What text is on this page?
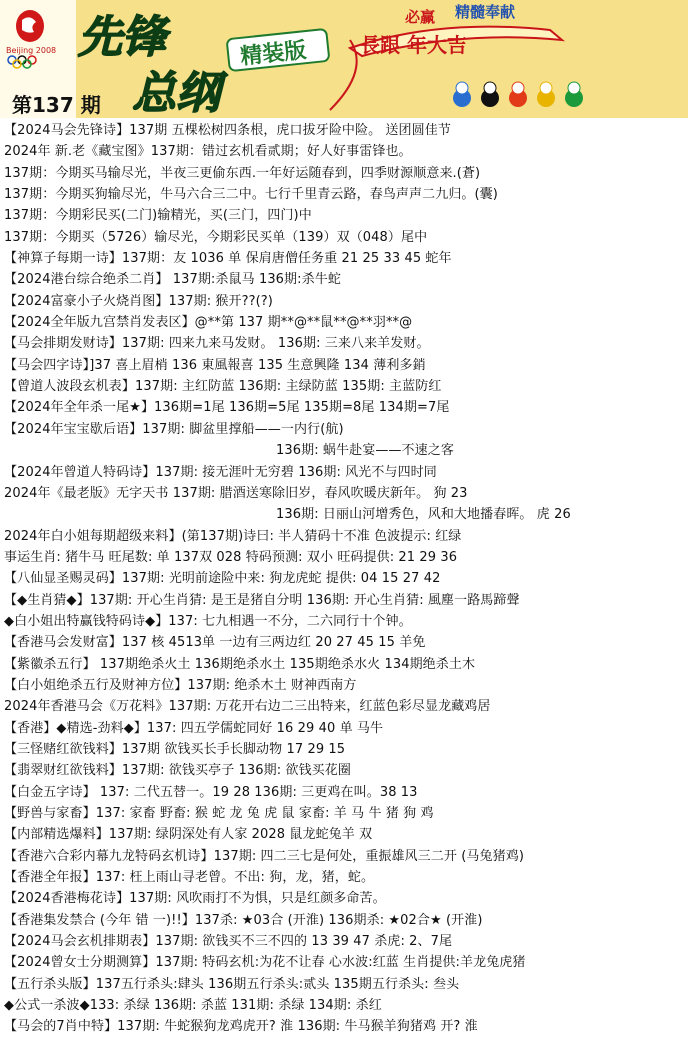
Beijing 2008 先锋
总纲
精装版
第137 期
必赢 精髓奉献
長跟 年大吉
【2024马会先锋诗】137期 五棵松树四条根，虎口拔牙险中险。 送团圆佳节
2024年 新.老《藏宝图》137期：错过玄机看贰期；好人好事雷锋也。
137期：今期买马输尽光，半夜三更偷东西.一年好运随春到，四季财源顺意来.(蒼)
137期：今期买狗输尽光，牛马六合三二中。七行千里青云路，春鸟声声二九归。(囊)
137期：今期彩民买(二门)输精光，买(三门，四门)中
137期：今期买（5726）输尽光，今期彩民买单（139）双（048）尾中
【神算子每期一诗】137期：友 1036 单 保肩唐僧任务重 21 25 33 45 蛇年
【2024港台综合绝杀二肖】 137期:杀鼠马 136期:杀牛蛇
【2024富豪小子火烧肖图】137期: 猴开??(?)
【2024全年版九宫禁肖发表区】@**第 137 期**@**鼠**@**羽**@
【马会排期发财诗】137期: 四来九来马发财。 136期: 三来八来羊发财。
【马会四字诗】]37 喜上眉梢 136 東風報喜 135 生意興隆 134 薄利多銷
【曾道人波段玄机表】137期: 主红防蓝 136期: 主绿防蓝 135期: 主蓝防红
【2024年全年杀一尾★】136期=1尾 136期=5尾 135期=8尾 134期=7尾
【2024年宝宝歇后语】137期: 脚盆里撑船——一内行(航)
136期: 蜗牛赴宴——不速之客
【2024年曾道人特码诗】137期: 接无涯叶无穷碧 136期: 风光不与四时同
2024年《最老版》无字天书 137期: 腊酒送寒除旧岁，春风吹暖庆新年。 狗 23
136期: 日丽山河增秀色，风和大地播春晖。 虎 26
2024年白小姐每期超级来料】(第137期)诗曰: 半人猜码十不准 色波提示: 红绿
事运生肖: 猪牛马 旺尾数: 单 137双 028 特码预测: 双小 旺码提供: 21 29 36
【八仙显圣赐灵码】137期: 光明前途险中来: 狗龙虎蛇 提供: 04 15 27 42
【◆生肖猜◆】137期: 开心生肖猜: 是王是猪自分明 136期: 开心生肖猜: 風塵一路馬蹄聲
◆白小姐出特赢钱特码诗◆】137: 七九相遇一不分，二六同行十个钟。
【香港马会发财富】137 核 4513单 一边有三两边红 20 27 45 15 羊免
【紫徽杀五行】 137期绝杀火土 136期绝杀水土 135期绝杀水火 134期绝杀土木
【白小姐绝杀五行及财神方位】137期: 绝杀木土 财神西南方
2024年香港马会《万花料》137期: 万花开右边二三出特来，红蓝色彩尽显龙藏鸡居
【香港】◆精选-劲料◆】137: 四五学儒蛇同好 16 29 40 单 马牛
【三怪赌红欲钱料】137期 欲钱买长手长脚动物 17 29 15
【翡翠财红欲钱料】137期: 欲钱买亭子 136期: 欲钱买花圈
【白金五字诗】 137: 二代五替一。19 28 136期: 三更鸡在叫。38 13
【野兽与家畜】137: 家畜 野畜: 猴 蛇 龙 兔 虎 鼠 家畜: 羊 马 牛 猪 狗 鸡
【内部精选爆料】137期: 绿阴深处有人家 2028 鼠龙蛇兔羊 双
【香港六合彩内幕九龙特码玄机诗】137期: 四二三七是何处，重振雄风三二开 (马兔猪鸡)
【香港全年报】137: 枉上雨山寻老曾。不出: 狗，龙，猪，蛇。
【2024香港梅花诗】137期: 风吹雨打不为惧，只是红颜多命苦。
【香港集发禁合 (今年 错 一)!!】137杀: ★03合 (开淮) 136期杀: ★02合★ (开淮)
【2024马会玄机排期表】137期: 欲钱买不三不四的 13 39 47 杀虎: 2、7尾
【2024曾女士分期测算】137期: 特码玄机:为花不让春 心水波:红蓝 生肖提供:羊龙兔虎猪
【五行杀头版】137五行杀头:肆头 136期五行杀头:贰头 135期五行杀头: 叁头
◆公式一杀波◆133: 杀绿 136期: 杀蓝 131期: 杀绿 134期: 杀红
【马会的7肖中特】137期: 牛蛇猴狗龙鸡虎开? 淮 136期: 牛马猴羊狗猪鸡 开? 淮
